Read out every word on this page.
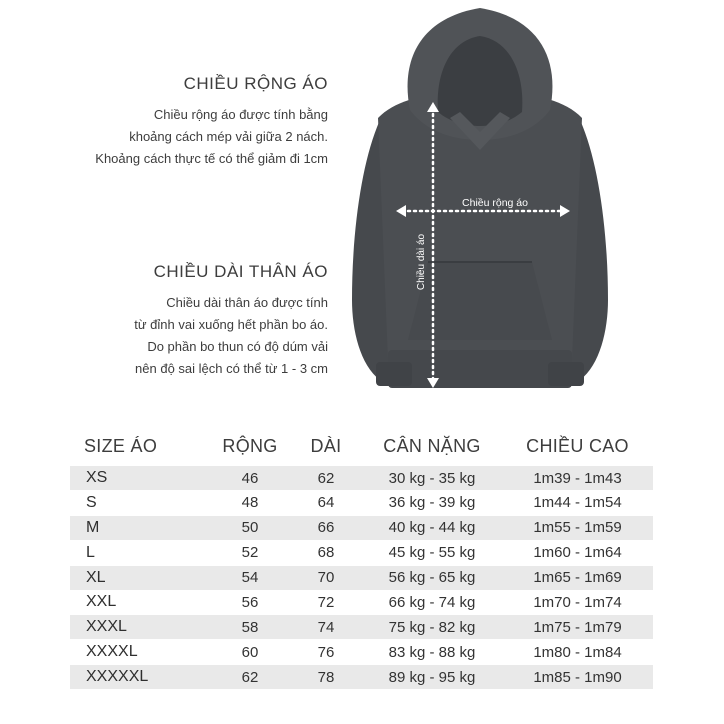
CHIỀU RỘNG ÁO

Chiều rộng áo được tính bằng

khoảng cách mép vải giữa 2 nách.

Khoảng cách thực tế có thể giảm đi 1cm

CHIỀU DÀI THÂN ÁO

Chiều dài thân áo được tính

từ đỉnh vai xuống hết phần bo áo.

Do phần bo thun có độ dúm vải

nên độ sai lệch có thể từ 1 - 3 cm

Chiều rộng áo
Chiều dài áo
SIZE ÁO	RỘNG	DÀI	CÂN NẶNG	CHIỀU CAO
XS	46	62	30 kg - 35 kg	1m39 - 1m43
S	48	64	36 kg - 39 kg	1m44 - 1m54
M	50	66	40 kg - 44 kg	1m55 - 1m59
L	52	68	45 kg - 55 kg	1m60 - 1m64
XL	54	70	56 kg - 65 kg	1m65 - 1m69
XXL	56	72	66 kg - 74 kg	1m70 - 1m74
XXXL	58	74	75 kg - 82 kg	1m75 - 1m79
XXXXL	60	76	83 kg - 88 kg	1m80 - 1m84
XXXXXL	62	78	89 kg - 95 kg	1m85 - 1m90
